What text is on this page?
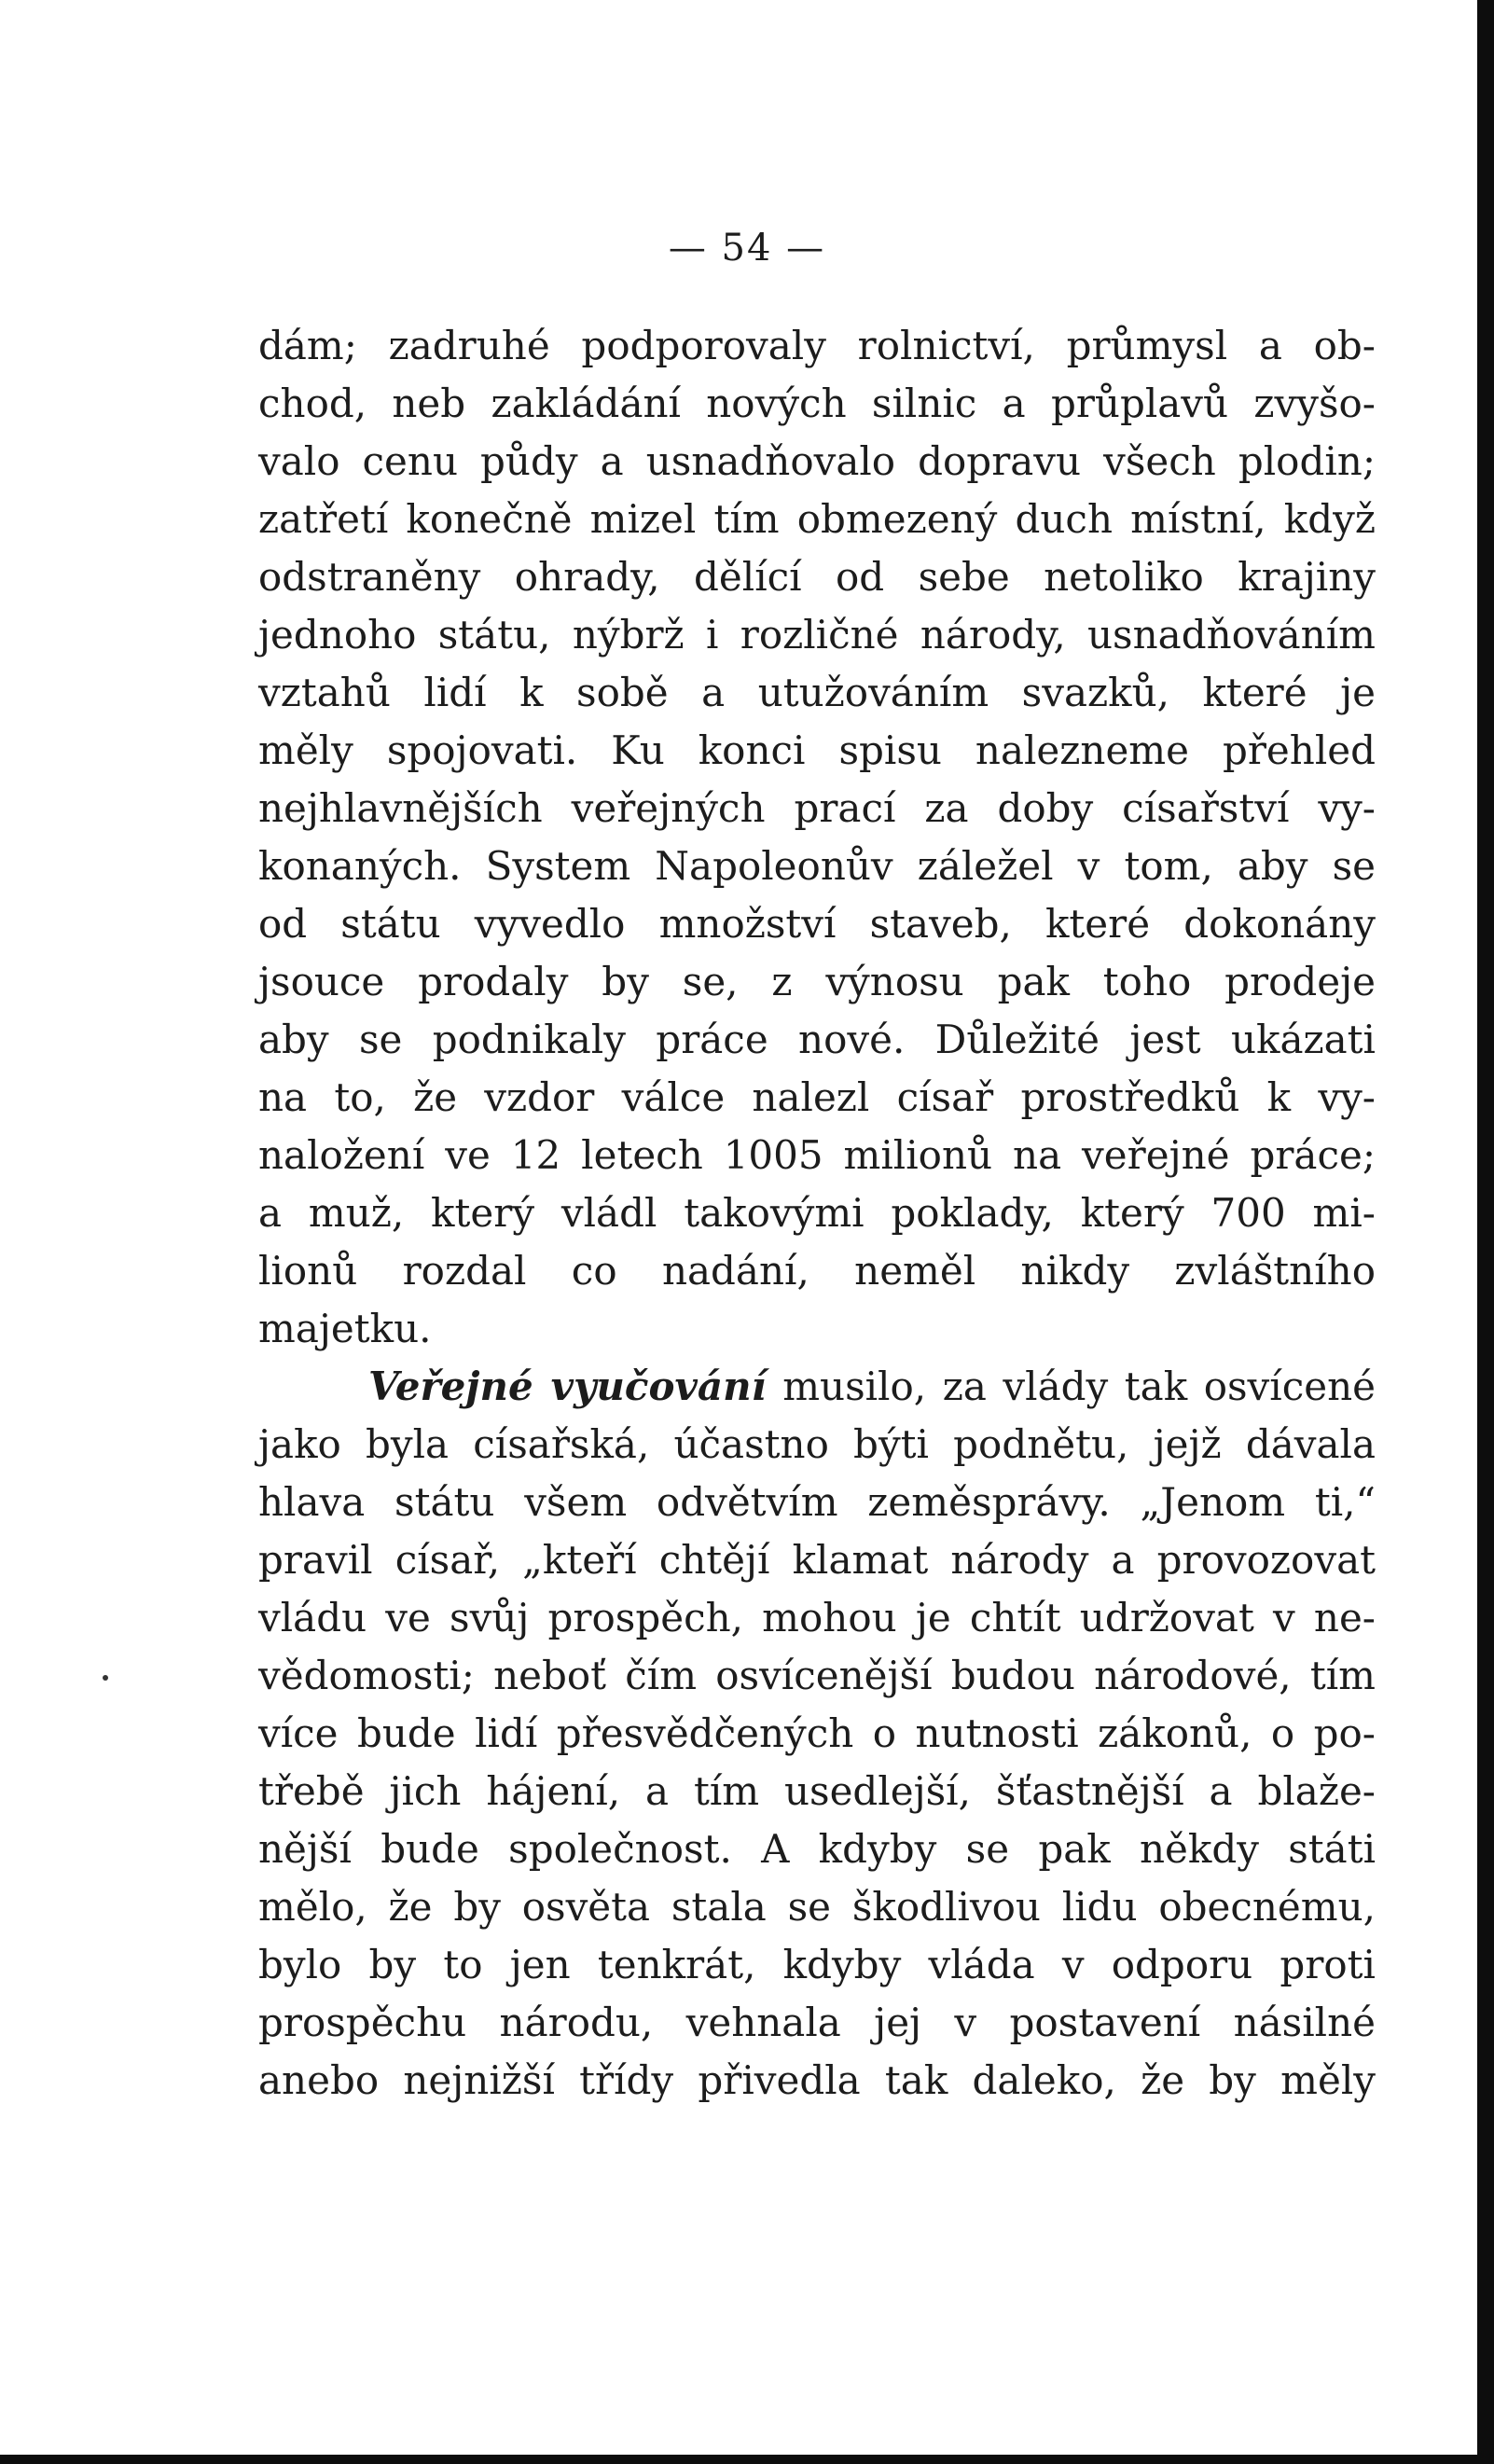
— 54 —
dám; zadruhé podporovaly rolnictví, průmysl a ob-
chod, neb zakládání nových silnic a průplavů zvyšo-
valo cenu půdy a usnadňovalo dopravu všech plodin;
zatřetí konečně mizel tím obmezený duch místní, když
odstraněny ohrady, dělící od sebe netoliko krajiny
jednoho státu, nýbrž i rozličné národy, usnadňováním
vztahů lidí k sobě a utužováním svazků, které je
měly spojovati. Ku konci spisu nalezneme přehled
nejhlavnějších veřejných prací za doby císařství vy-
konaných. System Napoleonův záležel v tom, aby se
od státu vyvedlo množství staveb, které dokonány
jsouce prodaly by se, z výnosu pak toho prodeje
aby se podnikaly práce nové. Důležité jest ukázati
na to, že vzdor válce nalezl císař prostředků k vy-
naložení ve 12 letech 1005 milionů na veřejné práce;
a muž, který vládl takovými poklady, který 700 mi-
lionů rozdal co nadání, neměl nikdy zvláštního
majetku.
Veřejné vyučování musilo, za vlády tak osvícené
jako byla císařská, účastno býti podnětu, jejž dávala
hlava státu všem odvětvím zeměsprávy. „Jenom ti,“
pravil císař, „kteří chtějí klamat národy a provozovat
vládu ve svůj prospěch, mohou je chtít udržovat v ne-
vědomosti; neboť čím osvícenější budou národové, tím
více bude lidí přesvědčených o nutnosti zákonů, o po-
třebě jich hájení, a tím usedlejší, šťastnější a blaže-
nější bude společnost. A kdyby se pak někdy státi
mělo, že by osvěta stala se škodlivou lidu obecnému,
bylo by to jen tenkrát, kdyby vláda v odporu proti
prospěchu národu, vehnala jej v postavení násilné
anebo nejnižší třídy přivedla tak daleko, že by měly
